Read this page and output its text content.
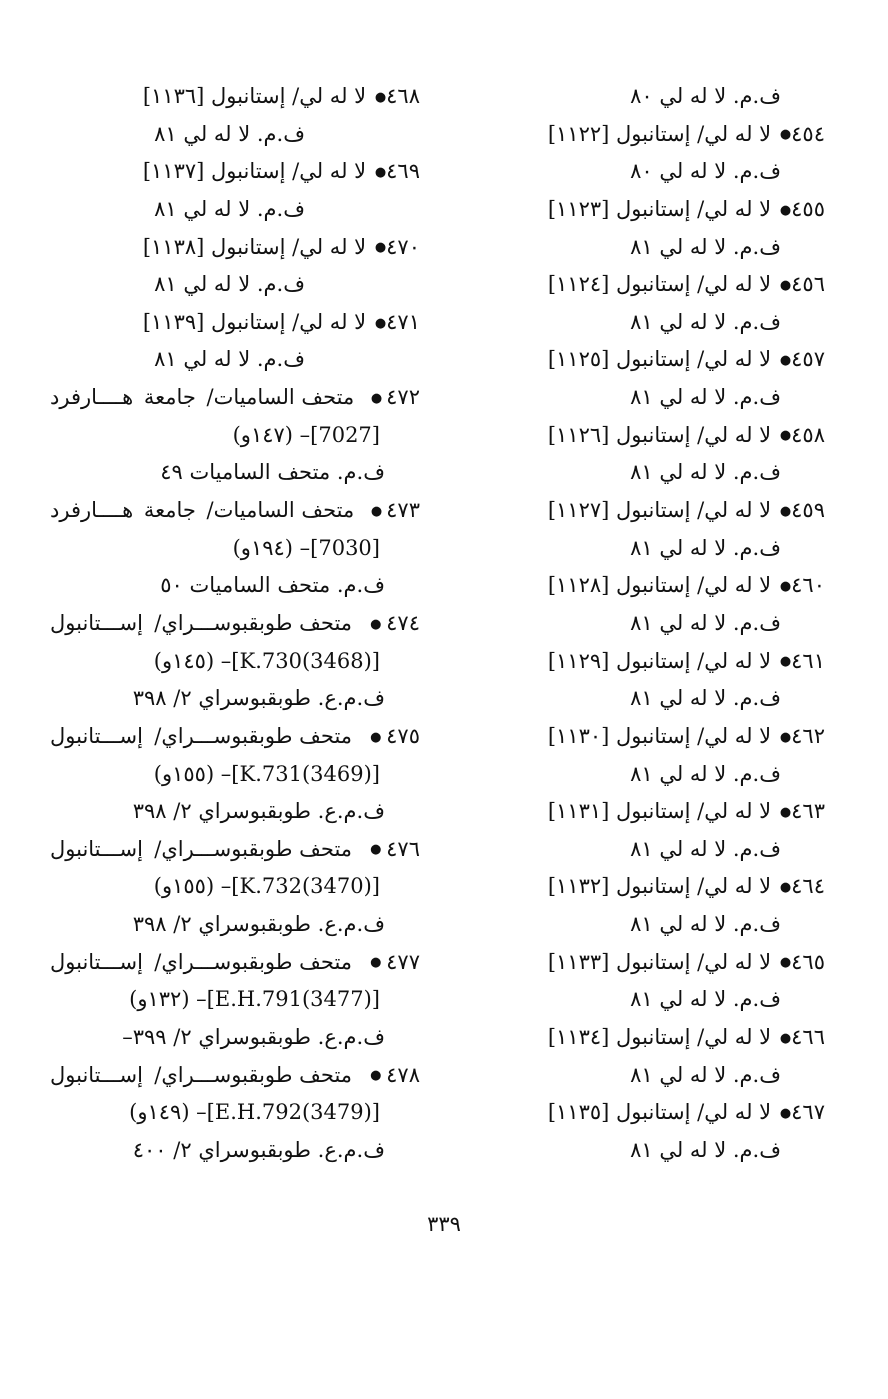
ف.م. لا له لي ٨٠
٤٥٤● لا له لي/ إستانبول [١١٢٢]
ف.م. لا له لي ٨٠
٤٥٥● لا له لي/ إستانبول [١١٢٣]
ف.م. لا له لي ٨١
٤٥٦● لا له لي/ إستانبول [١١٢٤]
ف.م. لا له لي ٨١
٤٥٧● لا له لي/ إستانبول [١١٢٥]
ف.م. لا له لي ٨١
٤٥٨● لا له لي/ إستانبول [١١٢٦]
ف.م. لا له لي ٨١
٤٥٩● لا له لي/ إستانبول [١١٢٧]
ف.م. لا له لي ٨١
٤٦٠● لا له لي/ إستانبول [١١٢٨]
ف.م. لا له لي ٨١
٤٦١● لا له لي/ إستانبول [١١٢٩]
ف.م. لا له لي ٨١
٤٦٢● لا له لي/ إستانبول [١١٣٠]
ف.م. لا له لي ٨١
٤٦٣● لا له لي/ إستانبول [١١٣١]
ف.م. لا له لي ٨١
٤٦٤● لا له لي/ إستانبول [١١٣٢]
ف.م. لا له لي ٨١
٤٦٥● لا له لي/ إستانبول [١١٣٣]
ف.م. لا له لي ٨١
٤٦٦● لا له لي/ إستانبول [١١٣٤]
ف.م. لا له لي ٨١
٤٦٧● لا له لي/ إستانبول [١١٣٥]
ف.م. لا له لي ٨١
٤٦٨● لا له لي/ إستانبول [١١٣٦]
ف.م. لا له لي ٨١
٤٦٩● لا له لي/ إستانبول [١١٣٧]
ف.م. لا له لي ٨١
٤٧٠● لا له لي/ إستانبول [١١٣٨]
ف.م. لا له لي ٨١
٤٧١● لا له لي/ إستانبول [١١٣٩]
ف.م. لا له لي ٨١
٤٧٢● متحف الساميات/ جامعة هــــارفرد
[7027]– (١٤٧و)
ف.م. متحف الساميات ٤٩
٤٧٣● متحف الساميات/ جامعة هــــارفرد
[7030]– (١٩٤و)
ف.م. متحف الساميات ٥٠
٤٧٤● متحف طوبقبوســـراي/ إســـتانبول
[(3468)K.730]– (١٤٥و)
ف.م.ع. طوبقبوسراي ٢/ ٣٩٨
٤٧٥● متحف طوبقبوســـراي/ إســـتانبول
[(3469)K.731]– (١٥٥و)
ف.م.ع. طوبقبوسراي ٢/ ٣٩٨
٤٧٦● متحف طوبقبوســـراي/ إســـتانبول
[(3470)K.732]– (١٥٥و)
ف.م.ع. طوبقبوسراي ٢/ ٣٩٨
٤٧٧● متحف طوبقبوســـراي/ إســـتانبول
[(3477)E.H.791]– (١٣٢و)
ف.م.ع. طوبقبوسراي ٢/ ٣٩٩–
٤٧٨● متحف طوبقبوســـراي/ إســـتانبول
[(3479)E.H.792]– (١٤٩و)
ف.م.ع. طوبقبوسراي ٢/ ٤٠٠
٣٣٩
